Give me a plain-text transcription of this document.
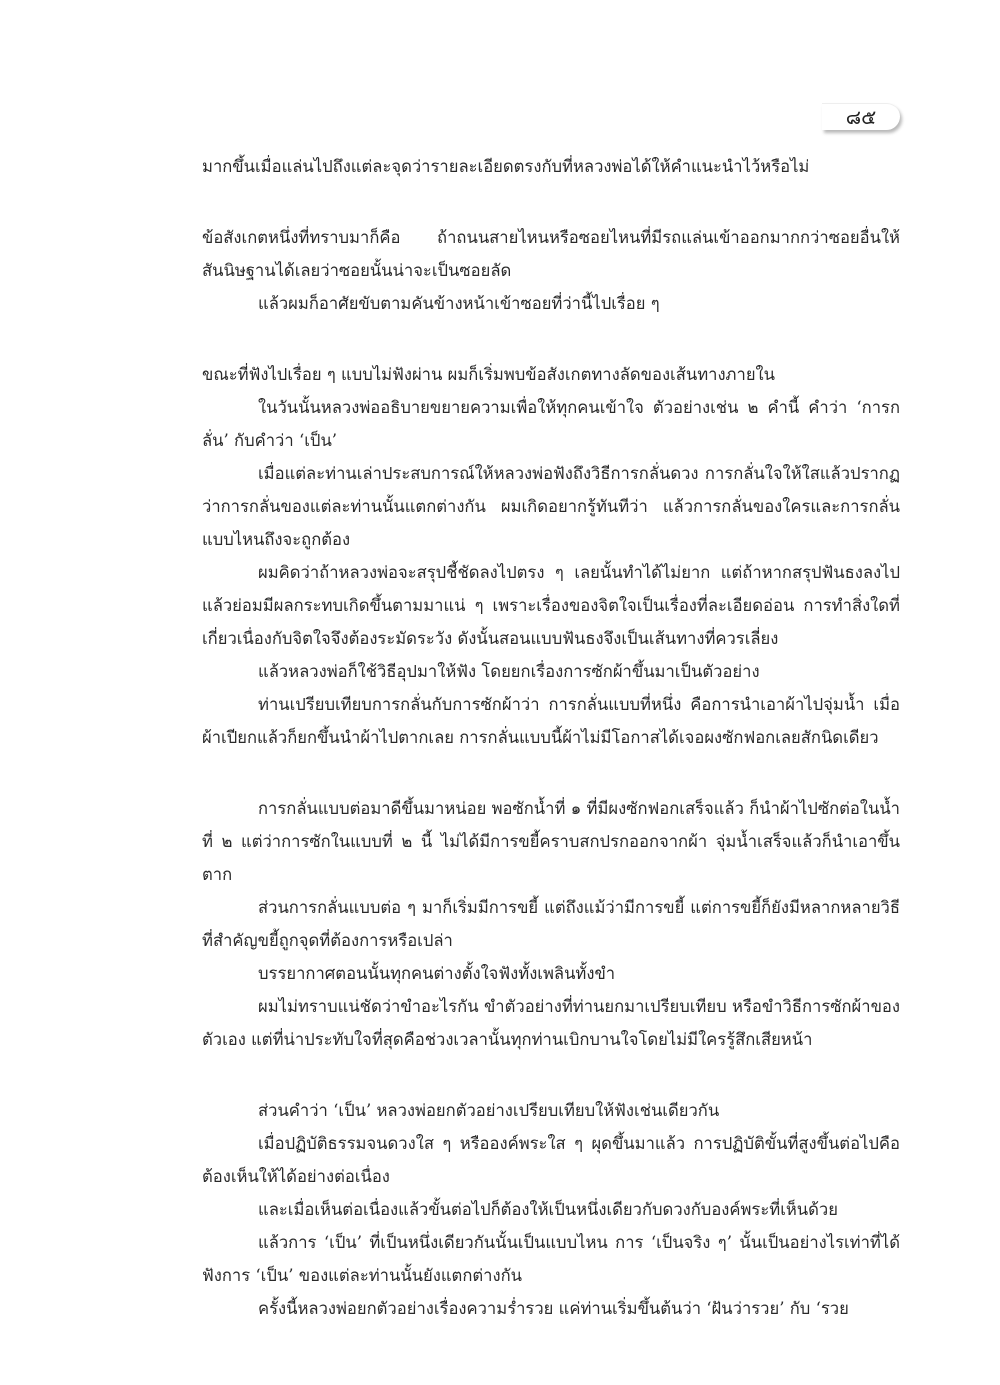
๘๕

มากขึ้นเมื่อแล่นไปถึงแต่ละจุดว่ารายละเอียดตรงกับที่หลวงพ่อได้ให้คำแนะนำไว้หรือไม่

ข้อสังเกตหนึ่งที่ทราบมาก็คือ ถ้าถนนสายไหนหรือซอยไหนที่มีรถแล่นเข้าออกมากกว่าซอยอื่นให้สันนิษฐานได้เลยว่าซอยนั้นน่าจะเป็นซอยลัด

แล้วผมก็อาศัยขับตามคันข้างหน้าเข้าซอยที่ว่านี้ไปเรื่อย ๆ

ขณะที่ฟังไปเรื่อย ๆ แบบไม่ฟังผ่าน ผมก็เริ่มพบข้อสังเกตทางลัดของเส้นทางภายใน

ในวันนั้นหลวงพ่ออธิบายขยายความเพื่อให้ทุกคนเข้าใจ ตัวอย่างเช่น ๒ คำนี้ คำว่า ‘การกลั่น’ กับคำว่า ‘เป็น’

เมื่อแต่ละท่านเล่าประสบการณ์ให้หลวงพ่อฟังถึงวิธีการกลั่นดวง การกลั่นใจให้ใสแล้วปรากฏว่าการกลั่นของแต่ละท่านนั้นแตกต่างกัน ผมเกิดอยากรู้ทันทีว่า แล้วการกลั่นของใครและการกลั่นแบบไหนถึงจะถูกต้อง

ผมคิดว่าถ้าหลวงพ่อจะสรุปชี้ชัดลงไปตรง ๆ เลยนั้นทำได้ไม่ยาก แต่ถ้าหากสรุปฟันธงลงไปแล้วย่อมมีผลกระทบเกิดขึ้นตามมาแน่ ๆ เพราะเรื่องของจิตใจเป็นเรื่องที่ละเอียดอ่อน การทำสิ่งใดที่เกี่ยวเนื่องกับจิตใจจึงต้องระมัดระวัง ดังนั้นสอนแบบฟันธงจึงเป็นเส้นทางที่ควรเลี่ยง

แล้วหลวงพ่อก็ใช้วิธีอุปมาให้ฟัง โดยยกเรื่องการซักผ้าขึ้นมาเป็นตัวอย่าง

ท่านเปรียบเทียบการกลั่นกับการซักผ้าว่า การกลั่นแบบที่หนึ่ง คือการนำเอาผ้าไปจุ่มน้ำ เมื่อผ้าเปียกแล้วก็ยกขึ้นนำผ้าไปตากเลย การกลั่นแบบนี้ผ้าไม่มีโอกาสได้เจอผงซักฟอกเลยสักนิดเดียว

การกลั่นแบบต่อมาดีขึ้นมาหน่อย พอซักน้ำที่ ๑ ที่มีผงซักฟอกเสร็จแล้ว ก็นำผ้าไปซักต่อในน้ำที่ ๒ แต่ว่าการซักในแบบที่ ๒ นี้ ไม่ได้มีการขยี้คราบสกปรกออกจากผ้า จุ่มน้ำเสร็จแล้วก็นำเอาขึ้นตาก

ส่วนการกลั่นแบบต่อ ๆ มาก็เริ่มมีการขยี้ แต่ถึงแม้ว่ามีการขยี้ แต่การขยี้ก็ยังมีหลากหลายวิธี ที่สำคัญขยี้ถูกจุดที่ต้องการหรือเปล่า

บรรยากาศตอนนั้นทุกคนต่างตั้งใจฟังทั้งเพลินทั้งขำ

ผมไม่ทราบแน่ชัดว่าขำอะไรกัน ขำตัวอย่างที่ท่านยกมาเปรียบเทียบ หรือขำวิธีการซักผ้าของตัวเอง แต่ที่น่าประทับใจที่สุดคือช่วงเวลานั้นทุกท่านเบิกบานใจโดยไม่มีใครรู้สึกเสียหน้า

ส่วนคำว่า ‘เป็น’ หลวงพ่อยกตัวอย่างเปรียบเทียบให้ฟังเช่นเดียวกัน

เมื่อปฏิบัติธรรมจนดวงใส ๆ หรือองค์พระใส ๆ ผุดขึ้นมาแล้ว การปฏิบัติขั้นที่สูงขึ้นต่อไปคือต้องเห็นให้ได้อย่างต่อเนื่อง

และเมื่อเห็นต่อเนื่องแล้วขั้นต่อไปก็ต้องให้เป็นหนึ่งเดียวกับดวงกับองค์พระที่เห็นด้วย

แล้วการ ‘เป็น’ ที่เป็นหนึ่งเดียวกันนั้นเป็นแบบไหน การ ‘เป็นจริง ๆ’ นั้นเป็นอย่างไรเท่าที่ได้ฟังการ ‘เป็น’ ของแต่ละท่านนั้นยังแตกต่างกัน

ครั้งนี้หลวงพ่อยกตัวอย่างเรื่องความร่ำรวย แค่ท่านเริ่มขึ้นต้นว่า ‘ฝันว่ารวย’ กับ ‘รวย
